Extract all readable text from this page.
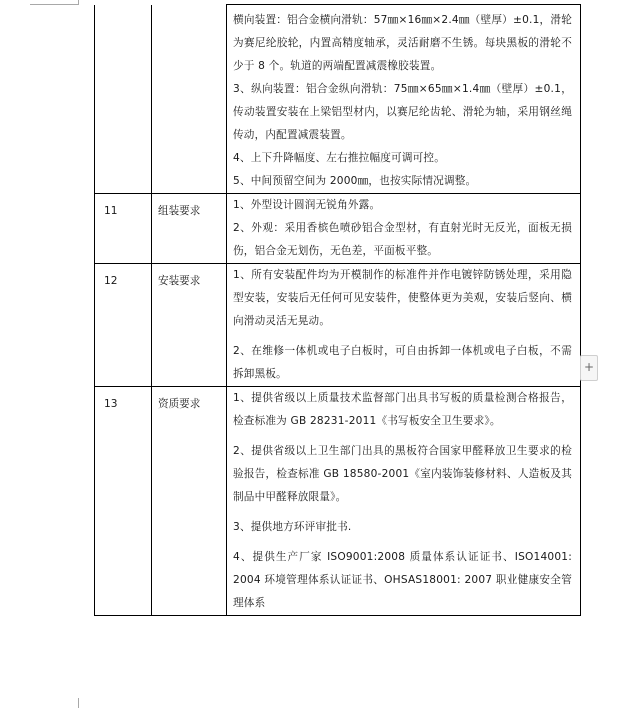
		横向装置：铝合金横向滑轨：57㎜×16㎜×2.4㎜（壁厚）±0.1，滑轮为赛尼纶胶轮，内置高精度轴承，灵活耐磨不生锈。每块黑板的滑轮不少于 8 个。轨道的两端配置减震橡胶装置。

3、纵向装置：铝合金纵向滑轨：75㎜×65㎜×1.4㎜（壁厚）±0.1，传动装置安装在上梁铝型材内，以赛尼纶齿轮、滑轮为轴，采用钢丝绳传动，内配置减震装置。

4、上下升降幅度、左右推拉幅度可调可控。

5、中间预留空间为 2000㎜，也按实际情况调整。

11	组装要求	1、外型设计圆润无锐角外露。

2、外观：采用香槟色喷砂铝合金型材，有直射光时无反光，面板无损伤，铝合金无划伤，无色差，平面板平整。

12	安装要求	1、所有安装配件均为开模制作的标准件并作电镀锌防锈处理，采用隐型安装，安装后无任何可见安装件，使整体更为美观，安装后竖向、横向滑动灵活无晃动。

2、在维修一体机或电子白板时，可自由拆卸一体机或电子白板，不需拆卸黑板。

13	资质要求	1、提供省级以上质量技术监督部门出具书写板的质量检测合格报告，检查标准为 GB 28231-2011《书写板安全卫生要求》。

2、提供省级以上卫生部门出具的黑板符合国家甲醛释放卫生要求的检验报告，检查标准 GB 18580-2001《室内装饰装修材料、人造板及其制品中甲醛释放限量》。

3、提供地方环评审批书.

4、提供生产厂家 ISO9001:2008 质量体系认证证书、ISO14001: 2004 环境管理体系认证证书、OHSAS18001: 2007 职业健康安全管理体系

+
